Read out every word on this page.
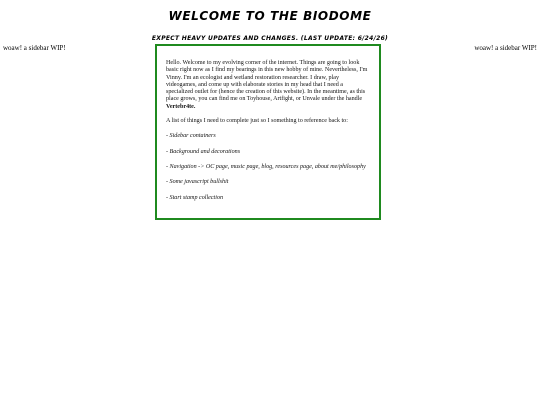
WELCOME TO THE BIODOME
EXPECT HEAVY UPDATES AND CHANGES. (LAST UPDATE: 6/24/26)
woaw! a sidebar WIP!	woaw! a sidebar WIP!

Hello. Welcome to my evolving corner of the internet. Things are going to look basic right now as I find my bearings in this new hobby of mine. Nevertheless, I'm Vinny. I'm an ecologist and wetland restoration researcher. I draw, play videogames, and come up with elaborate stories in my head that I need a specialized outlet for (hence the creation of this website). In the meantime, as this place grows, you can find me on Toyhouse, Artfight, or Unvale under the handle Vertebr4te.

A list of things I need to complete just so I something to reference back to:

- Sidebar containers

- Background and decorations

- Navigation -> OC page, music page, blog, resources page, about me/philosophy

- Some javascript bullshit

- Start stamp collection
